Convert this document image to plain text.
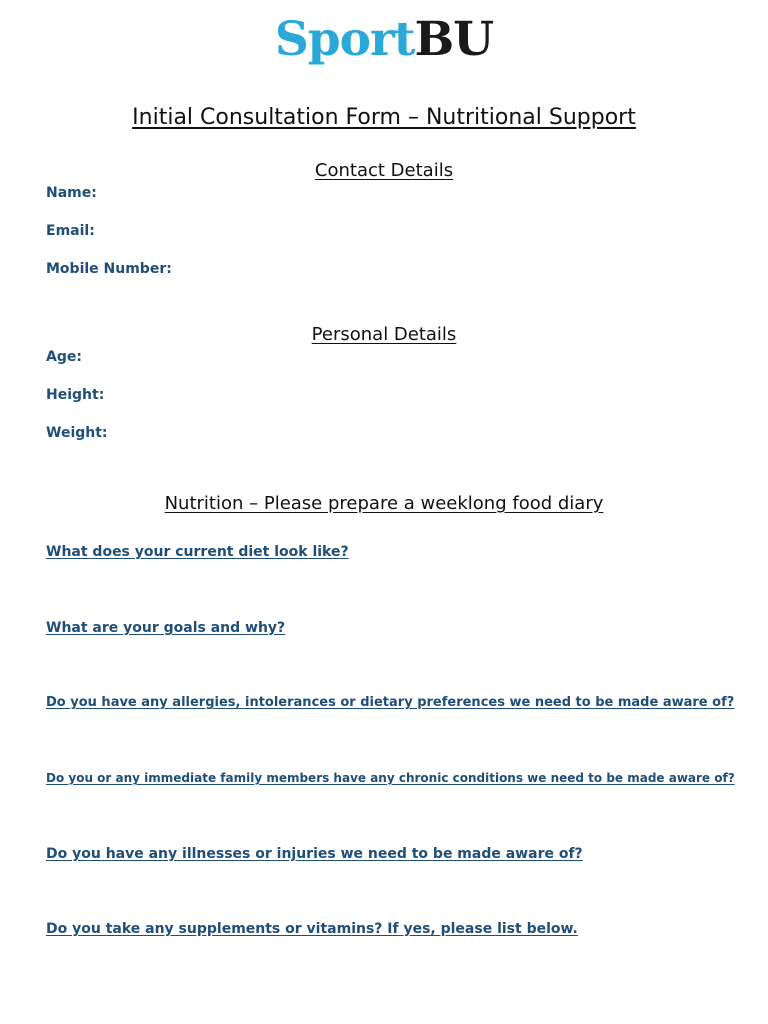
SportBU
Initial Consultation Form – Nutritional Support
Contact Details
Name:
Email:
Mobile Number:
Personal Details
Age:
Height:
Weight:
Nutrition – Please prepare a weeklong food diary
What does your current diet look like?
What are your goals and why?
Do you have any allergies, intolerances or dietary preferences we need to be made aware of?
Do you or any immediate family members have any chronic conditions we need to be made aware of?
Do you have any illnesses or injuries we need to be made aware of?
Do you take any supplements or vitamins? If yes, please list below.
